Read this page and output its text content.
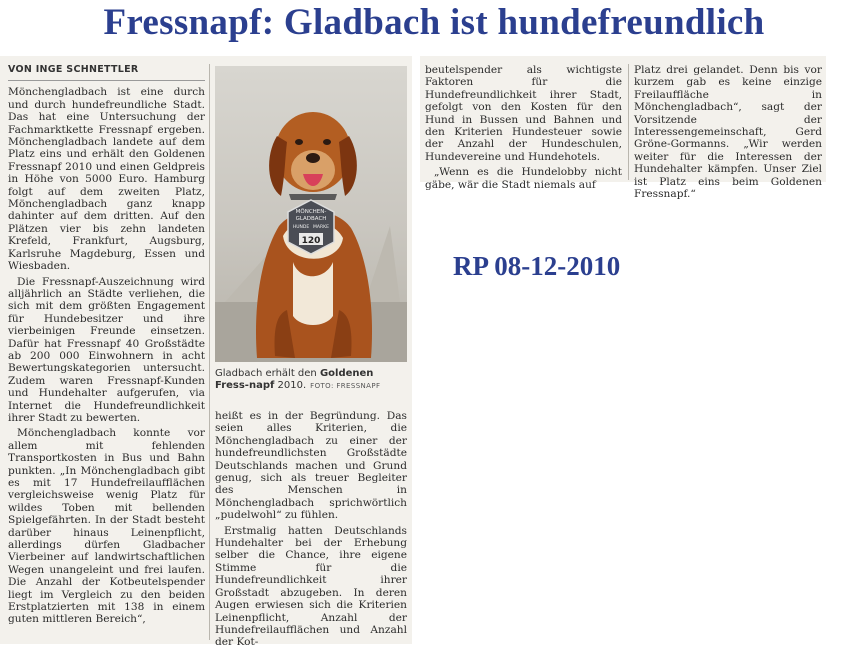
Fressnapf: Gladbach ist hundefreundlich
VON INGE SCHNETTLER

Mönchengladbach ist eine durch und durch hundefreundliche Stadt. Das hat eine Untersuchung der Fachmarktkette Fressnapf ergeben. Mönchengladbach landete auf dem Platz eins und erhält den Goldenen Fressnapf 2010 und einen Geldpreis in Höhe von 5000 Euro. Hamburg folgt auf dem zweiten Platz, Mönchengladbach ganz knapp dahinter auf dem dritten. Auf den Plätzen vier bis zehn landeten Krefeld, Frankfurt, Augsburg, Karlsruhe Magdeburg, Essen und Wiesbaden.

Die Fressnapf-Auszeichnung wird alljährlich an Städte verliehen, die sich mit dem größten Engagement für Hundebesitzer und ihre vierbeinigen Freunde einsetzen. Dafür hat Fressnapf 40 Großstädte ab 200 000 Einwohnern in acht Bewertungskategorien untersucht. Zudem waren Fressnapf-Kunden und Hundehalter aufgerufen, via Internet die Hundefreundlichkeit ihrer Stadt zu bewerten.

Mönchengladbach konnte vor allem mit fehlenden Transportkosten in Bus und Bahn punkten. „In Mönchengladbach gibt es mit 17 Hundefreilaufflächen vergleichsweise wenig Platz für wildes Toben mit bellenden Spielgefährten. In der Stadt besteht darüber hinaus Leinenpflicht, allerdings dürfen Gladbacher Vierbeiner auf landwirtschaftlichen Wegen unangeleint und frei laufen. Die Anzahl der Kotbeutelspender liegt im Vergleich zu den beiden Erstplatzierten mit 138 in einem guten mittleren Bereich“,

MÖNCHEN-
GLADBACH
HUNDE MARKE
120
Gladbach erhält den Goldenen Fress-napf 2010. FOTO: FRESSNAPF

heißt es in der Begründung. Das seien alles Kriterien, die Mönchengladbach zu einer der hundefreundlichsten Großstädte Deutschlands machen und Grund genug, sich als treuer Begleiter des Menschen in Mönchengladbach sprichwörtlich „pudelwohl“ zu fühlen.

Erstmalig hatten Deutschlands Hundehalter bei der Erhebung selber die Chance, ihre eigene Stimme für die Hundefreundlichkeit ihrer Großstadt abzugeben. In deren Augen erwiesen sich die Kriterien Leinenpflicht, Anzahl der Hundefreilaufflächen und Anzahl der Kot-

beutelspender als wichtigste Faktoren für die Hundefreundlichkeit ihrer Stadt, gefolgt von den Kosten für den Hund in Bussen und Bahnen und den Kriterien Hundesteuer sowie der Anzahl der Hundeschulen, Hundevereine und Hundehotels.

„Wenn es die Hundelobby nicht gäbe, wär die Stadt niemals auf

Platz drei gelandet. Denn bis vor kurzem gab es keine einzige Freilauffläche in Mönchengladbach“, sagt der Vorsitzende der Interessengemeinschaft, Gerd Gröne-Gormanns. „Wir werden weiter für die Interessen der Hundehalter kämpfen. Unser Ziel ist Platz eins beim Goldenen Fressnapf.“

RP 08-12-2010
